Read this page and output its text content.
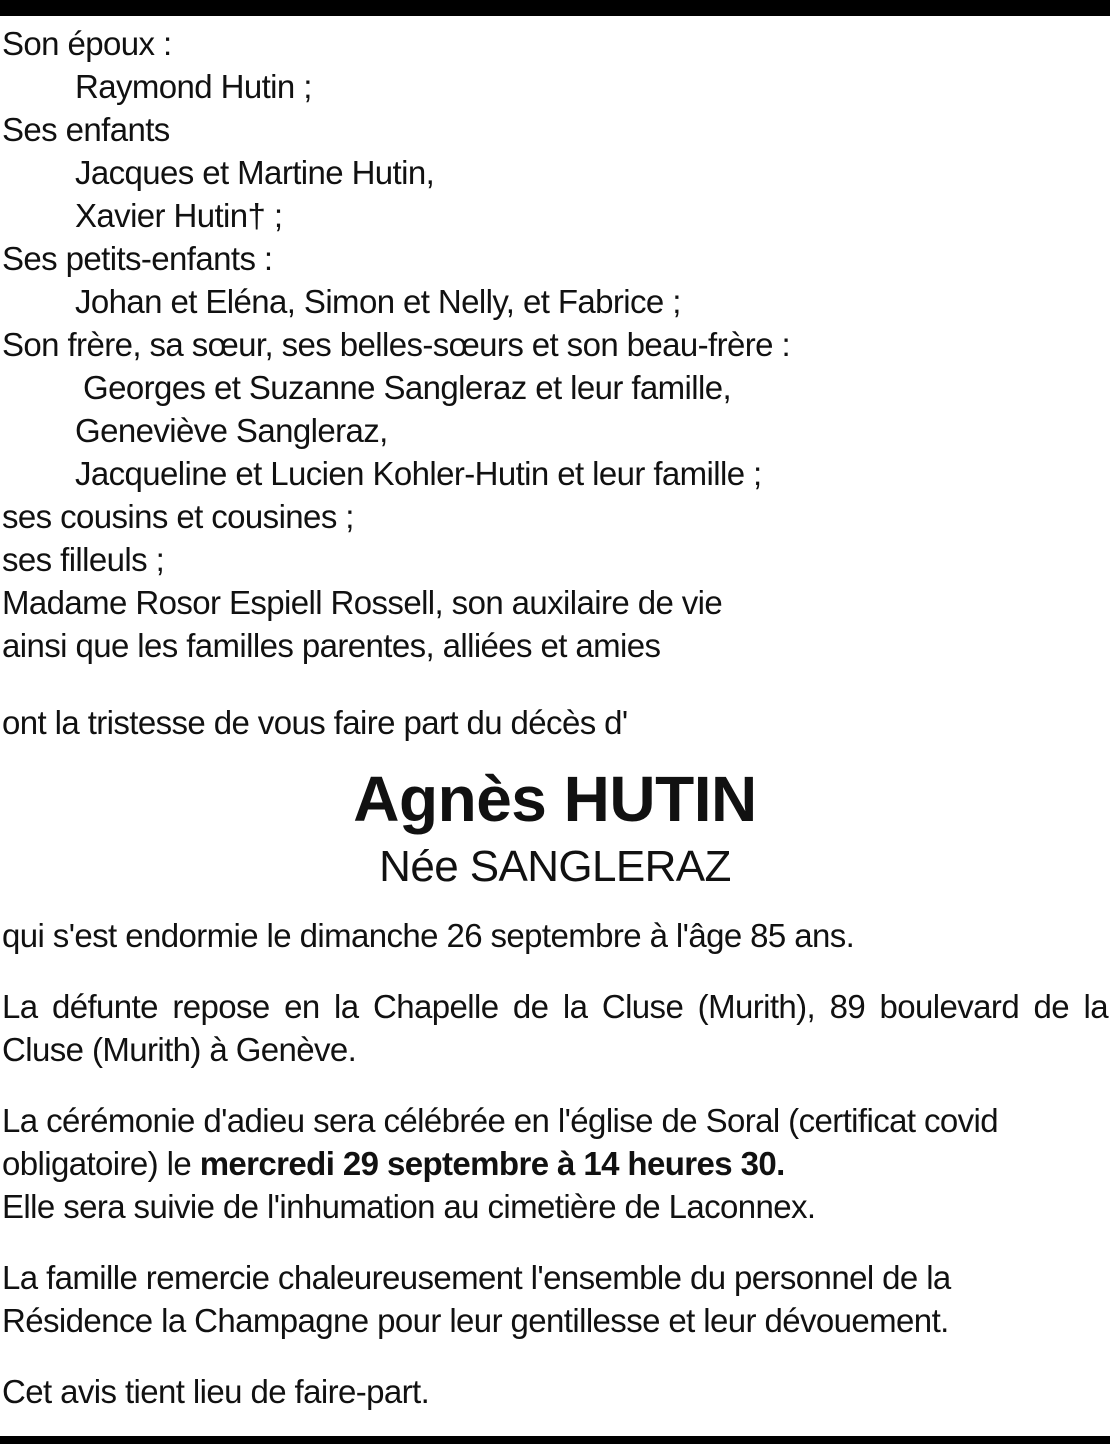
Son époux :
Raymond Hutin ;
Ses enfants
Jacques et Martine Hutin,
Xavier Hutin† ;
Ses petits-enfants :
Johan et Eléna, Simon et Nelly, et Fabrice ;
Son frère, sa sœur, ses belles-sœurs et son beau-frère :
Georges et Suzanne Sangleraz et leur famille,
Geneviève Sangleraz,
Jacqueline et Lucien Kohler-Hutin et leur famille ;
ses cousins et cousines ;
ses filleuls ;
Madame Rosor Espiell Rossell, son auxilaire de vie
ainsi que les familles parentes, alliées et amies
ont la tristesse de vous faire part du décès d'
Agnès HUTIN
Née SANGLERAZ

qui s'est endormie le dimanche 26 septembre à l'âge 85 ans.

La défunte repose en la Chapelle de la Cluse (Murith), 89 boulevard de la Cluse (Murith) à Genève.

La cérémonie d'adieu sera célébrée en l'église de Soral (certificat covid

obligatoire) le mercredi 29 septembre à 14 heures 30.

Elle sera suivie de l'inhumation au cimetière de Laconnex.

La famille remercie chaleureusement l'ensemble du personnel de la

Résidence la Champagne pour leur gentillesse et leur dévouement.

Cet avis tient lieu de faire-part.
